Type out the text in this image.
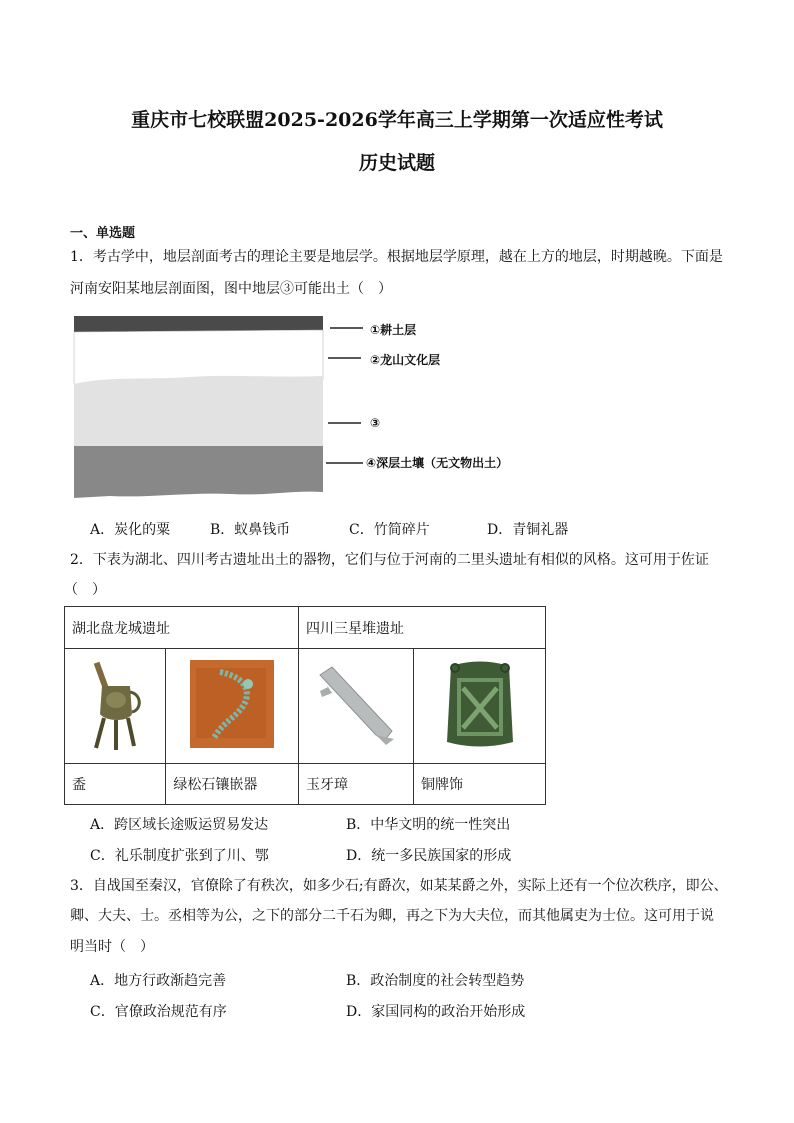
重庆市七校联盟2025-2026学年高三上学期第一次适应性考试
历史试题
一、单选题
1．考古学中，地层剖面考古的理论主要是地层学。根据地层学原理，越在上方的地层，时期越晚。下面是
河南安阳某地层剖面图，图中地层③可能出土（　）
①耕土层
②龙山文化层
③
④深层土壤（无文物出土）
A．炭化的粟	B．蚁鼻钱币	C．竹简碎片	D．青铜礼器
2．下表为湖北、四川考古遗址出土的器物，它们与位于河南的二里头遗址有相似的风格。这可用于佐证
（　）
湖北盘龙城遗址		四川三星堆遗址	

盉	绿松石镶嵌器	玉牙璋	铜牌饰
A．跨区域长途贩运贸易发达	B．中华文明的统一性突出
C．礼乐制度扩张到了川、鄂	D．统一多民族国家的形成
3．自战国至秦汉，官僚除了有秩次，如多少石;有爵次，如某某爵之外，实际上还有一个位次秩序，即公、
卿、大夫、士。丞相等为公，之下的部分二千石为卿，再之下为大夫位，而其他属吏为士位。这可用于说
明当时（　）
A．地方行政渐趋完善	B．政治制度的社会转型趋势
C．官僚政治规范有序	D．家国同构的政治开始形成
